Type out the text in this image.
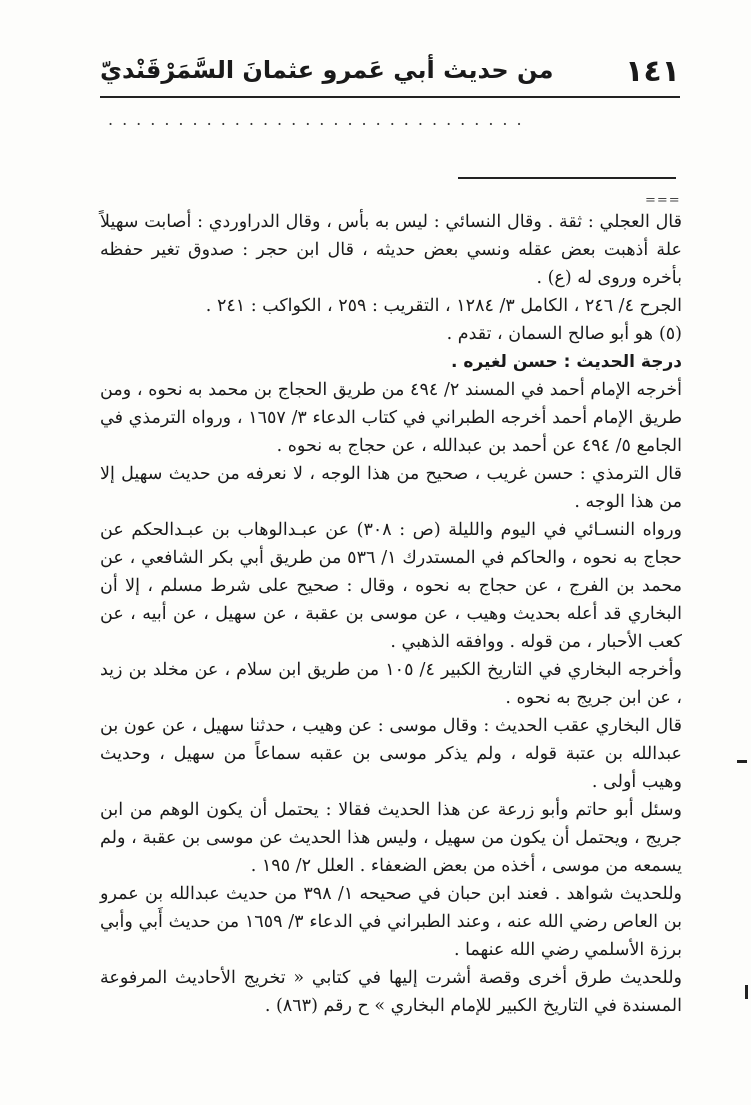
١٤١
من حديث أبي عَمرو عثمانَ السَّمَرْقَنْديّ
..............................
===

قال العجلي : ثقة . وقال النسائي : ليس به بأس ، وقال الدراوردي : أصابت سهيلاً علة أذهبت بعض عقله ونسي بعض حديثه ، قال ابن حجر : صدوق تغير حفظه بأخره وروى له (ع) .

الجرح ٤/ ٢٤٦ ، الكامل ٣/ ١٢٨٤ ، التقريب : ٢٥٩ ، الكواكب : ٢٤١ .

(٥)هو أبو صالح السمان ، تقدم .

درجة الحديث : حسن لغيره .

أخرجه الإمام أحمد في المسند ٢/ ٤٩٤ من طريق الحجاج بن محمد به نحوه ، ومن طريق الإمام أحمد أخرجه الطبراني في كتاب الدعاء ٣/ ١٦٥٧ ، ورواه الترمذي في الجامع ٥/ ٤٩٤ عن أحمد بن عبدالله ، عن حجاج به نحوه .

قال الترمذي : حسن غريب ، صحيح من هذا الوجه ، لا نعرفه من حديث سهيل إلا من هذا الوجه .

ورواه النسـائي في اليوم والليلة (ص : ٣٠٨) عن عبـدالوهاب بن عبـدالحكم عن حجاج به نحوه ، والحاكم في المستدرك ١/ ٥٣٦ من طريق أبي بكر الشافعي ، عن محمد بن الفرج ، عن حجاج به نحوه ، وقال : صحيح على شرط مسلم ، إلا أن البخاري قد أعله بحديث وهيب ، عن موسى بن عقبة ، عن سهيل ، عن أبيه ، عن كعب الأحبار ، من قوله . ووافقه الذهبي .

وأخرجه البخاري في التاريخ الكبير ٤/ ١٠٥ من طريق ابن سلام ، عن مخلد بن زيد ، عن ابن جريج به نحوه .

قال البخاري عقب الحديث : وقال موسى : عن وهيب ، حدثنا سهيل ، عن عون بن عبدالله بن عتبة قوله ، ولم يذكر موسى بن عقبه سماعاً من سهيل ، وحديث وهيب أولى .

وسئل أبو حاتم وأبو زرعة عن هذا الحديث فقالا : يحتمل أن يكون الوهم من ابن جريج ، ويحتمل أن يكون من سهيل ، وليس هذا الحديث عن موسى بن عقبة ، ولم يسمعه من موسى ، أخذه من بعض الضعفاء . العلل ٢/ ١٩٥ .

وللحديث شواهد . فعند ابن حبان في صحيحه ١/ ٣٩٨ من حديث عبدالله بن عمرو بن العاص رضي الله عنه ، وعند الطبراني في الدعاء ٣/ ١٦٥٩ من حديث أَبي وأبي برزة الأسلمي رضي الله عنهما .

وللحديث طرق أخرى وقصة أشرت إليها في كتابي « تخريج الأحاديث المرفوعة المسندة في التاريخ الكبير للإمام البخاري » ح رقم (٨٦٣) .
